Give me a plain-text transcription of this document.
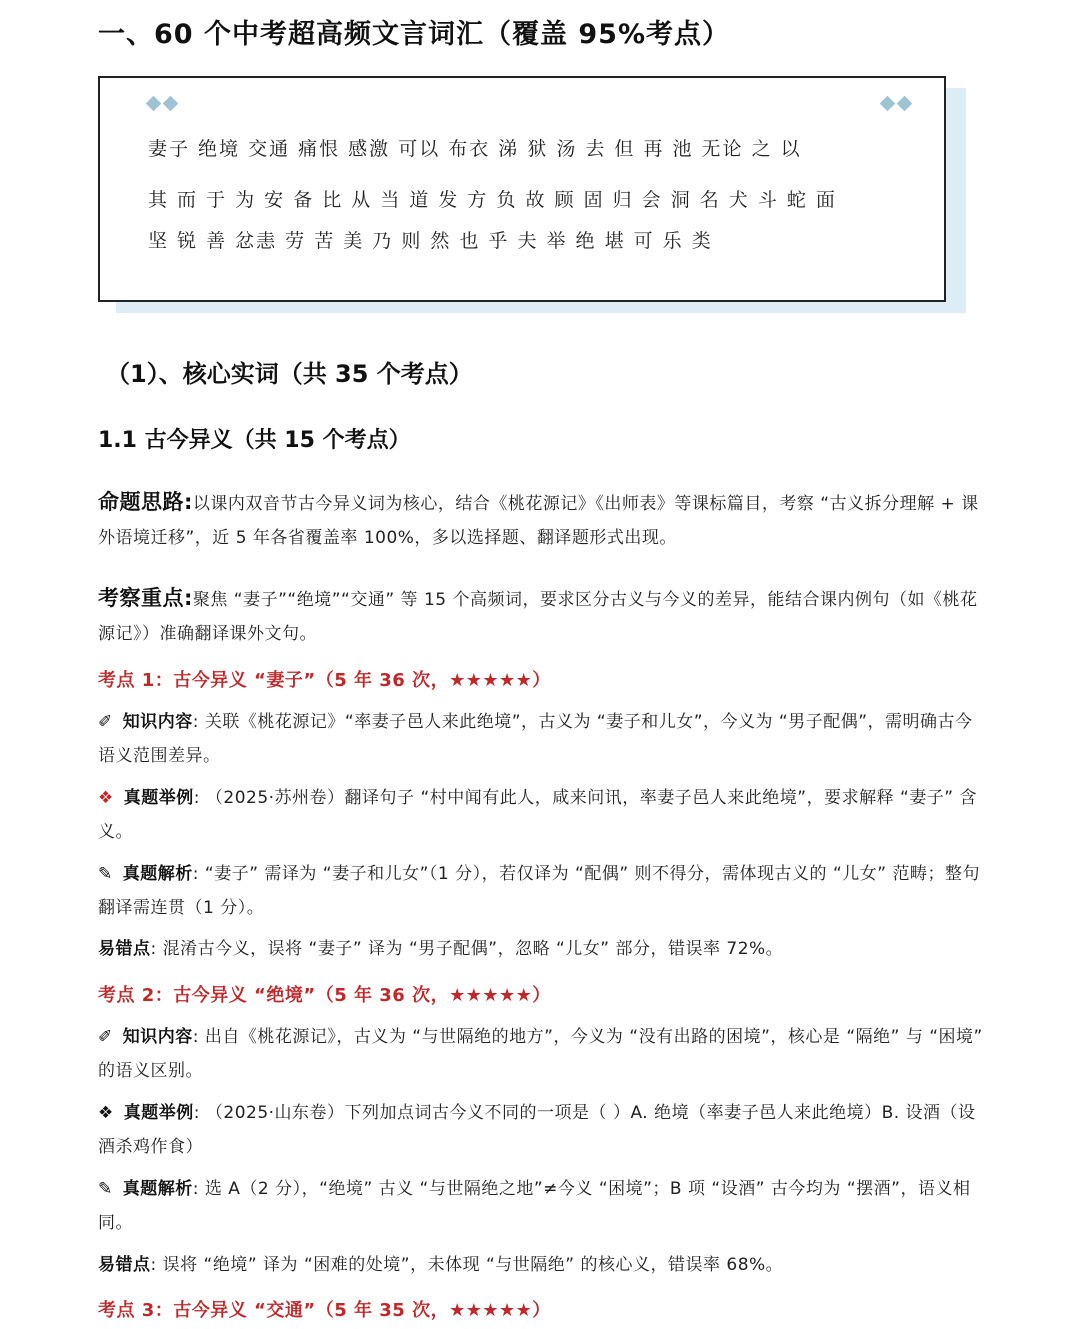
一、60 个中考超高频文言词汇（覆盖 95%考点）
妻子 绝境 交通 痛恨 感激 可以 布衣 涕 狱 汤 去 但 再 池 无论 之 以
其 而 于 为 安 备 比 从 当 道 发 方 负 故 顾 固 归 会 洞 名 犬 斗 蛇 面
坚 锐 善 忿恚 劳 苦 美 乃 则 然 也 乎 夫 举 绝 堪 可 乐 类
（1）、核心实词（共 35 个考点）
1.1 古今异义（共 15 个考点）
命题思路:以课内双音节古今异义词为核心，结合《桃花源记》《出师表》等课标篇目，考察 “古义拆分理解 + 课外语境迁移”，近 5 年各省覆盖率 100%，多以选择题、翻译题形式出现。
考察重点:聚焦 “妻子”“绝境”“交通” 等 15 个高频词，要求区分古义与今义的差异，能结合课内例句（如《桃花源记》）准确翻译课外文句。
考点 1：古今异义 “妻子”（5 年 36 次，★★★★★）
✐ 知识内容: 关联《桃花源记》“率妻子邑人来此绝境”，古义为 “妻子和儿女”，今义为 “男子配偶”，需明确古今语义范围差异。
❖ 真题举例: （2025·苏州卷）翻译句子 “村中闻有此人，咸来问讯，率妻子邑人来此绝境”，要求解释 “妻子” 含义。
✎ 真题解析: “妻子” 需译为 “妻子和儿女”（1 分），若仅译为 “配偶” 则不得分，需体现古义的 “儿女” 范畴；整句翻译需连贯（1 分）。
易错点: 混淆古今义，误将 “妻子” 译为 “男子配偶”，忽略 “儿女” 部分，错误率 72%。
考点 2：古今异义 “绝境”（5 年 36 次，★★★★★）
✐ 知识内容: 出自《桃花源记》，古义为 “与世隔绝的地方”，今义为 “没有出路的困境”，核心是 “隔绝” 与 “困境” 的语义区别。
❖ 真题举例: （2025·山东卷）下列加点词古今义不同的一项是（ ）A. 绝境（率妻子邑人来此绝境）B. 设酒（设酒杀鸡作食）
✎ 真题解析: 选 A（2 分），“绝境” 古义 “与世隔绝之地”≠今义 “困境”；B 项 “设酒” 古今均为 “摆酒”，语义相同。
易错点: 误将 “绝境” 译为 “困难的处境”，未体现 “与世隔绝” 的核心义，错误率 68%。
考点 3：古今异义 “交通”（5 年 35 次，★★★★★）
